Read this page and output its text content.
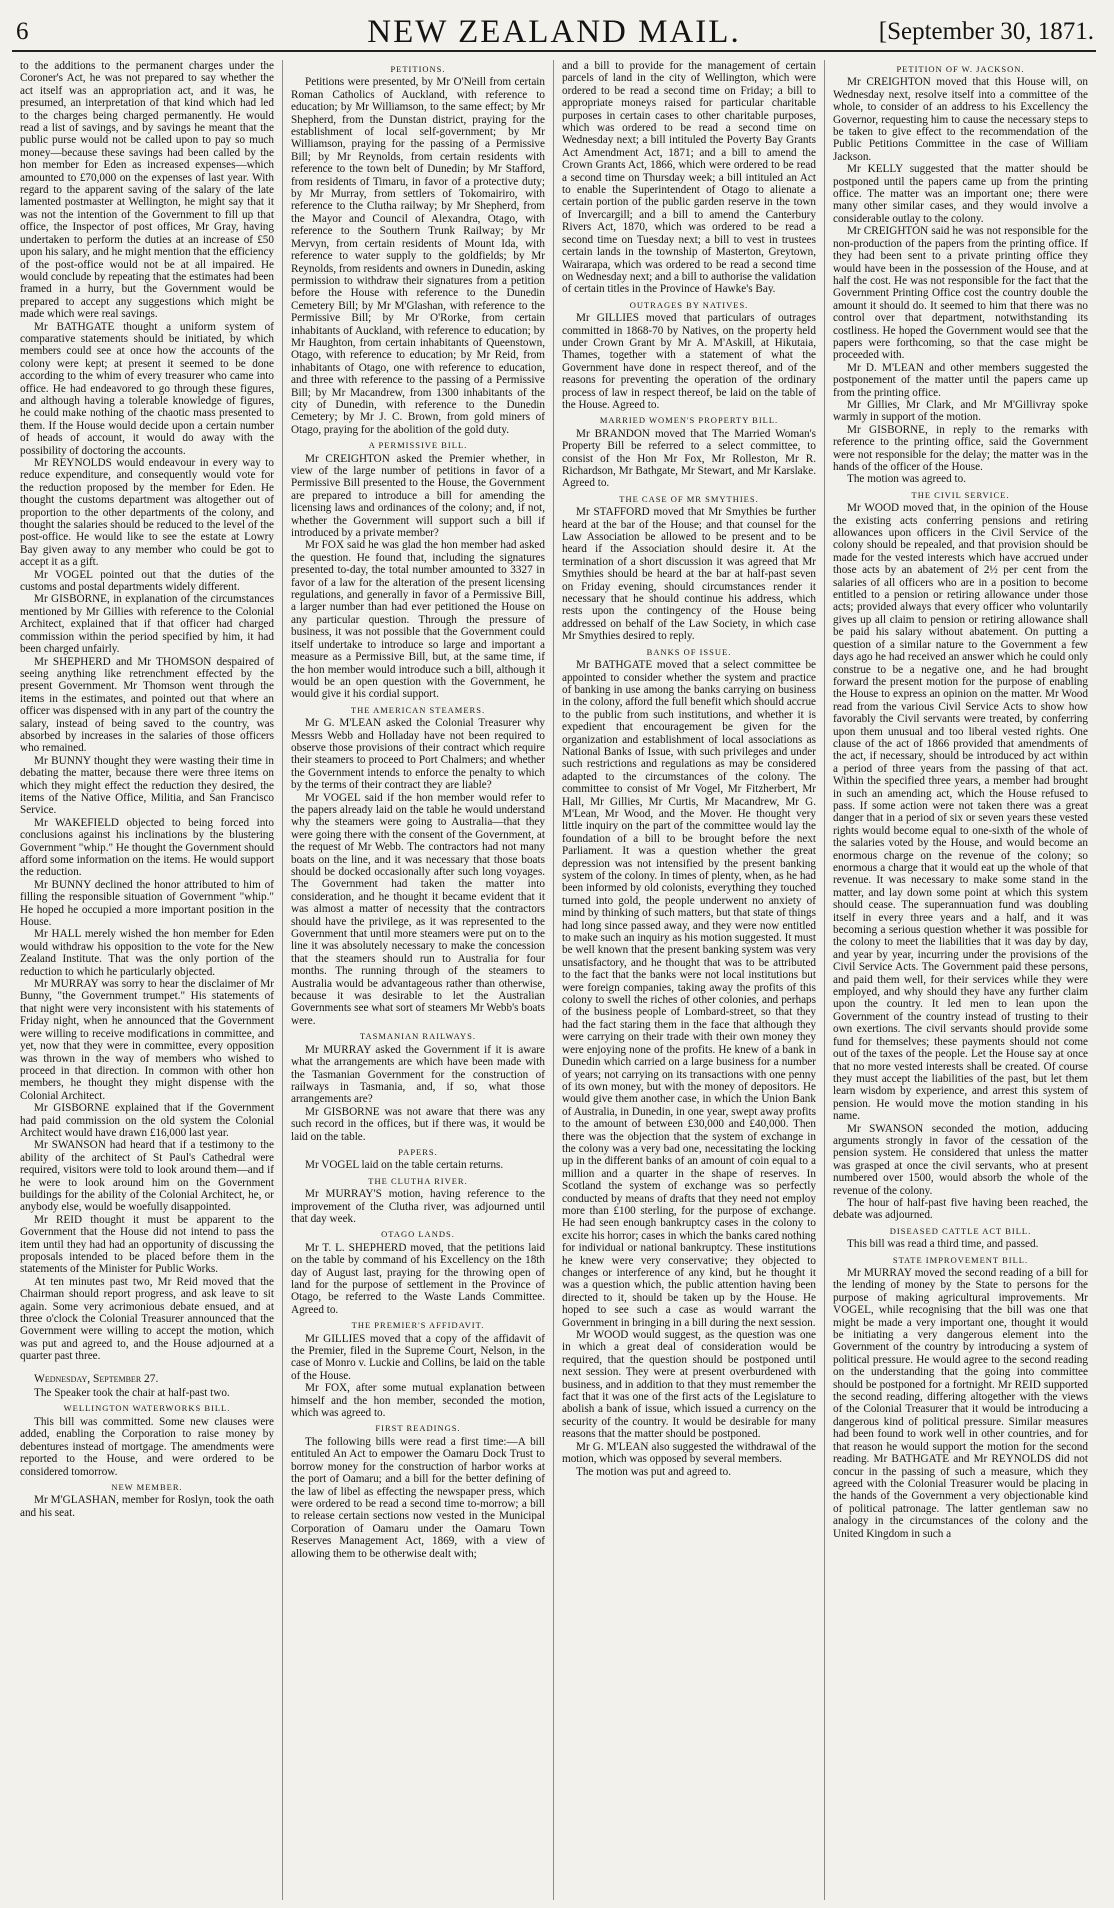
6	NEW ZEALAND MAIL.	[September 30, 1871.

to the additions to the permanent charges under the Coroner's Act, he was not prepared to say whether the act itself was an appropriation act, and it was, he presumed, an interpretation of that kind which had led to the charges being charged permanently. He would read a list of savings, and by savings he meant that the public purse would not be called upon to pay so much money—because these savings had been called by the hon member for Eden as increased expenses—which amounted to £70,000 on the expenses of last year. With regard to the apparent saving of the salary of the late lamented postmaster at Wellington, he might say that it was not the intention of the Government to fill up that office, the Inspector of post offices, Mr Gray, having undertaken to perform the duties at an increase of £50 upon his salary, and he might mention that the efficiency of the post-office would not be at all impaired. He would conclude by repeating that the estimates had been framed in a hurry, but the Government would be prepared to accept any suggestions which might be made which were real savings.

Mr BATHGATE thought a uniform system of comparative statements should be initiated, by which members could see at once how the accounts of the colony were kept; at present it seemed to be done according to the whim of every treasurer who came into office. He had endeavored to go through these figures, and although having a tolerable knowledge of figures, he could make nothing of the chaotic mass presented to them. If the House would decide upon a certain number of heads of account, it would do away with the possibility of doctoring the accounts.

Mr REYNOLDS would endeavour in every way to reduce expenditure, and consequently would vote for the reduction proposed by the member for Eden. He thought the customs department was altogether out of proportion to the other departments of the colony, and thought the salaries should be reduced to the level of the post-office. He would like to see the estate at Lowry Bay given away to any member who could be got to accept it as a gift.

Mr VOGEL pointed out that the duties of the customs and postal departments widely different.

Mr GISBORNE, in explanation of the circumstances mentioned by Mr Gillies with reference to the Colonial Architect, explained that if that officer had charged commission within the period specified by him, it had been charged unfairly.

Mr SHEPHERD and Mr THOMSON despaired of seeing anything like retrenchment effected by the present Government. Mr Thomson went through the items in the estimates, and pointed out that where an officer was dispensed with in any part of the country the salary, instead of being saved to the country, was absorbed by increases in the salaries of those officers who remained.

Mr BUNNY thought they were wasting their time in debating the matter, because there were three items on which they might effect the reduction they desired, the items of the Native Office, Militia, and San Francisco Service.

Mr WAKEFIELD objected to being forced into conclusions against his inclinations by the blustering Government "whip." He thought the Government should afford some information on the items. He would support the reduction.

Mr BUNNY declined the honor attributed to him of filling the responsible situation of Government "whip." He hoped he occupied a more important position in the House.

Mr HALL merely wished the hon member for Eden would withdraw his opposition to the vote for the New Zealand Institute. That was the only portion of the reduction to which he particularly objected.

Mr MURRAY was sorry to hear the disclaimer of Mr Bunny, "the Government trumpet." His statements of that night were very inconsistent with his statements of Friday night, when he announced that the Government were willing to receive modifications in committee, and yet, now that they were in committee, every opposition was thrown in the way of members who wished to proceed in that direction. In common with other hon members, he thought they might dispense with the Colonial Architect.

Mr GISBORNE explained that if the Government had paid commission on the old system the Colonial Architect would have drawn £16,000 last year.

Mr SWANSON had heard that if a testimony to the ability of the architect of St Paul's Cathedral were required, visitors were told to look around them—and if he were to look around him on the Government buildings for the ability of the Colonial Architect, he, or anybody else, would be woefully disappointed.

Mr REID thought it must be apparent to the Government that the House did not intend to pass the item until they had had an opportunity of discussing the proposals intended to be placed before them in the statements of the Minister for Public Works.

At ten minutes past two, Mr Reid moved that the Chairman should report progress, and ask leave to sit again. Some very acrimonious debate ensued, and at three o'clock the Colonial Treasurer announced that the Government were willing to accept the motion, which was put and agreed to, and the House adjourned at a quarter past three.

Wednesday, September 27.

The Speaker took the chair at half-past two.

WELLINGTON WATERWORKS BILL.

This bill was committed. Some new clauses were added, enabling the Corporation to raise money by debentures instead of mortgage. The amendments were reported to the House, and were ordered to be considered tomorrow.

NEW MEMBER.

Mr M'GLASHAN, member for Roslyn, took the oath and his seat.

PETITIONS.

Petitions were presented, by Mr O'Neill from certain Roman Catholics of Auckland, with reference to education; by Mr Williamson, to the same effect; by Mr Shepherd, from the Dunstan district, praying for the establishment of local self-government; by Mr Williamson, praying for the passing of a Permissive Bill; by Mr Reynolds, from certain residents with reference to the town belt of Dunedin; by Mr Stafford, from residents of Timaru, in favor of a protective duty; by Mr Murray, from settlers of Tokomairiro, with reference to the Clutha railway; by Mr Shepherd, from the Mayor and Council of Alexandra, Otago, with reference to the Southern Trunk Railway; by Mr Mervyn, from certain residents of Mount Ida, with reference to water supply to the goldfields; by Mr Reynolds, from residents and owners in Dunedin, asking permission to withdraw their signatures from a petition before the House with reference to the Dunedin Cemetery Bill; by Mr M'Glashan, with reference to the Permissive Bill; by Mr O'Rorke, from certain inhabitants of Auckland, with reference to education; by Mr Haughton, from certain inhabitants of Queenstown, Otago, with reference to education; by Mr Reid, from inhabitants of Otago, one with reference to education, and three with reference to the passing of a Permissive Bill; by Mr Macandrew, from 1300 inhabitants of the city of Dunedin, with reference to the Dunedin Cemetery; by Mr J. C. Brown, from gold miners of Otago, praying for the abolition of the gold duty.

A PERMISSIVE BILL.

Mr CREIGHTON asked the Premier whether, in view of the large number of petitions in favor of a Permissive Bill presented to the House, the Government are prepared to introduce a bill for amending the licensing laws and ordinances of the colony; and, if not, whether the Government will support such a bill if introduced by a private member?

Mr FOX said he was glad the hon member had asked the question. He found that, including the signatures presented to-day, the total number amounted to 3327 in favor of a law for the alteration of the present licensing regulations, and generally in favor of a Permissive Bill, a larger number than had ever petitioned the House on any particular question. Through the pressure of business, it was not possible that the Government could itself undertake to introduce so large and important a measure as a Permissive Bill, but, at the same time, if the hon member would introduce such a bill, although it would be an open question with the Government, he would give it his cordial support.

THE AMERICAN STEAMERS.

Mr G. M'LEAN asked the Colonial Treasurer why Messrs Webb and Holladay have not been required to observe those provisions of their contract which require their steamers to proceed to Port Chalmers; and whether the Government intends to enforce the penalty to which by the terms of their contract they are liable?

Mr VOGEL said if the hon member would refer to the papers already laid on the table he would understand why the steamers were going to Australia—that they were going there with the consent of the Government, at the request of Mr Webb. The contractors had not many boats on the line, and it was necessary that those boats should be docked occasionally after such long voyages. The Government had taken the matter into consideration, and he thought it became evident that it was almost a matter of necessity that the contractors should have the privilege, as it was represented to the Government that until more steamers were put on to the line it was absolutely necessary to make the concession that the steamers should run to Australia for four months. The running through of the steamers to Australia would be advantageous rather than otherwise, because it was desirable to let the Australian Governments see what sort of steamers Mr Webb's boats were.

TASMANIAN RAILWAYS.

Mr MURRAY asked the Government if it is aware what the arrangements are which have been made with the Tasmanian Government for the construction of railways in Tasmania, and, if so, what those arrangements are?

Mr GISBORNE was not aware that there was any such record in the offices, but if there was, it would be laid on the table.

PAPERS.

Mr VOGEL laid on the table certain returns.

THE CLUTHA RIVER.

Mr MURRAY'S motion, having reference to the improvement of the Clutha river, was adjourned until that day week.

OTAGO LANDS.

Mr T. L. SHEPHERD moved, that the petitions laid on the table by command of his Excellency on the 18th day of August last, praying for the throwing open of land for the purpose of settlement in the Province of Otago, be referred to the Waste Lands Committee. Agreed to.

THE PREMIER'S AFFIDAVIT.

Mr GILLIES moved that a copy of the affidavit of the Premier, filed in the Supreme Court, Nelson, in the case of Monro v. Luckie and Collins, be laid on the table of the House.

Mr FOX, after some mutual explanation between himself and the hon member, seconded the motion, which was agreed to.

FIRST READINGS.

The following bills were read a first time:—A bill entituled An Act to empower the Oamaru Dock Trust to borrow money for the construction of harbor works at the port of Oamaru; and a bill for the better defining of the law of libel as effecting the newspaper press, which were ordered to be read a second time to-morrow; a bill to release certain sections now vested in the Municipal Corporation of Oamaru under the Oamaru Town Reserves Management Act, 1869, with a view of allowing them to be otherwise dealt with;

and a bill to provide for the management of certain parcels of land in the city of Wellington, which were ordered to be read a second time on Friday; a bill to appropriate moneys raised for particular charitable purposes in certain cases to other charitable purposes, which was ordered to be read a second time on Wednesday next; a bill intituled the Poverty Bay Grants Act Amendment Act, 1871; and a bill to amend the Crown Grants Act, 1866, which were ordered to be read a second time on Thursday week; a bill intituled an Act to enable the Superintendent of Otago to alienate a certain portion of the public garden reserve in the town of Invercargill; and a bill to amend the Canterbury Rivers Act, 1870, which was ordered to be read a second time on Tuesday next; a bill to vest in trustees certain lands in the township of Masterton, Greytown, Wairarapa, which was ordered to be read a second time on Wednesday next; and a bill to authorise the validation of certain titles in the Province of Hawke's Bay.

OUTRAGES BY NATIVES.

Mr GILLIES moved that particulars of outrages committed in 1868-70 by Natives, on the property held under Crown Grant by Mr A. M'Askill, at Hikutaia, Thames, together with a statement of what the Government have done in respect thereof, and of the reasons for preventing the operation of the ordinary process of law in respect thereof, be laid on the table of the House. Agreed to.

MARRIED WOMEN'S PROPERTY BILL.

Mr BRANDON moved that The Married Woman's Property Bill be referred to a select committee, to consist of the Hon Mr Fox, Mr Rolleston, Mr R. Richardson, Mr Bathgate, Mr Stewart, and Mr Karslake. Agreed to.

THE CASE OF MR SMYTHIES.

Mr STAFFORD moved that Mr Smythies be further heard at the bar of the House; and that counsel for the Law Association be allowed to be present and to be heard if the Association should desire it. At the termination of a short discussion it was agreed that Mr Smythies should be heard at the bar at half-past seven on Friday evening, should circumstances render it necessary that he should continue his address, which rests upon the contingency of the House being addressed on behalf of the Law Society, in which case Mr Smythies desired to reply.

BANKS OF ISSUE.

Mr BATHGATE moved that a select committee be appointed to consider whether the system and practice of banking in use among the banks carrying on business in the colony, afford the full benefit which should accrue to the public from such institutions, and whether it is expedient that encouragement be given for the organization and establishment of local associations as National Banks of Issue, with such privileges and under such restrictions and regulations as may be considered adapted to the circumstances of the colony. The committee to consist of Mr Vogel, Mr Fitzherbert, Mr Hall, Mr Gillies, Mr Curtis, Mr Macandrew, Mr G. M'Lean, Mr Wood, and the Mover. He thought very little inquiry on the part of the committee would lay the foundation of a bill to be brought before the next Parliament. It was a question whether the great depression was not intensified by the present banking system of the colony. In times of plenty, when, as he had been informed by old colonists, everything they touched turned into gold, the people underwent no anxiety of mind by thinking of such matters, but that state of things had long since passed away, and they were now entitled to make such an inquiry as his motion suggested. It must be well known that the present banking system was very unsatisfactory, and he thought that was to be attributed to the fact that the banks were not local institutions but were foreign companies, taking away the profits of this colony to swell the riches of other colonies, and perhaps of the business people of Lombard-street, so that they had the fact staring them in the face that although they were carrying on their trade with their own money they were enjoying none of the profits. He knew of a bank in Dunedin which carried on a large business for a number of years; not carrying on its transactions with one penny of its own money, but with the money of depositors. He would give them another case, in which the Union Bank of Australia, in Dunedin, in one year, swept away profits to the amount of between £30,000 and £40,000. Then there was the objection that the system of exchange in the colony was a very bad one, necessitating the locking up in the different banks of an amount of coin equal to a million and a quarter in the shape of reserves. In Scotland the system of exchange was so perfectly conducted by means of drafts that they need not employ more than £100 sterling, for the purpose of exchange. He had seen enough bankruptcy cases in the colony to excite his horror; cases in which the banks cared nothing for individual or national bankruptcy. These institutions he knew were very conservative; they objected to changes or interference of any kind, but he thought it was a question which, the public attention having been directed to it, should be taken up by the House. He hoped to see such a case as would warrant the Government in bringing in a bill during the next session.

Mr WOOD would suggest, as the question was one in which a great deal of consideration would be required, that the question should be postponed until next session. They were at present overburdened with business, and in addition to that they must remember the fact that it was one of the first acts of the Legislature to abolish a bank of issue, which issued a currency on the security of the country. It would be desirable for many reasons that the matter should be postponed.

Mr G. M'LEAN also suggested the withdrawal of the motion, which was opposed by several members.

The motion was put and agreed to.

PETITION OF W. JACKSON.

Mr CREIGHTON moved that this House will, on Wednesday next, resolve itself into a committee of the whole, to consider of an address to his Excellency the Governor, requesting him to cause the necessary steps to be taken to give effect to the recommendation of the Public Petitions Committee in the case of William Jackson.

Mr KELLY suggested that the matter should be postponed until the papers came up from the printing office. The matter was an important one; there were many other similar cases, and they would involve a considerable outlay to the colony.

Mr CREIGHTON said he was not responsible for the non-production of the papers from the printing office. If they had been sent to a private printing office they would have been in the possession of the House, and at half the cost. He was not responsible for the fact that the Government Printing Office cost the country double the amount it should do. It seemed to him that there was no control over that department, notwithstanding its costliness. He hoped the Government would see that the papers were forthcoming, so that the case might be proceeded with.

Mr D. M'LEAN and other members suggested the postponement of the matter until the papers came up from the printing office.

Mr Gillies, Mr Clark, and Mr M'Gillivray spoke warmly in support of the motion.

Mr GISBORNE, in reply to the remarks with reference to the printing office, said the Government were not responsible for the delay; the matter was in the hands of the officer of the House.

The motion was agreed to.

THE CIVIL SERVICE.

Mr WOOD moved that, in the opinion of the House the existing acts conferring pensions and retiring allowances upon officers in the Civil Service of the colony should be repealed, and that provision should be made for the vested interests which have accrued under those acts by an abatement of 2½ per cent from the salaries of all officers who are in a position to become entitled to a pension or retiring allowance under those acts; provided always that every officer who voluntarily gives up all claim to pension or retiring allowance shall be paid his salary without abatement. On putting a question of a similar nature to the Government a few days ago he had received an answer which he could only construe to be a negative one, and he had brought forward the present motion for the purpose of enabling the House to express an opinion on the matter. Mr Wood read from the various Civil Service Acts to show how favorably the Civil servants were treated, by conferring upon them unusual and too liberal vested rights. One clause of the act of 1866 provided that amendments of the act, if necessary, should be introduced by act within a period of three years from the passing of that act. Within the specified three years, a member had brought in such an amending act, which the House refused to pass. If some action were not taken there was a great danger that in a period of six or seven years these vested rights would become equal to one-sixth of the whole of the salaries voted by the House, and would become an enormous charge on the revenue of the colony; so enormous a charge that it would eat up the whole of that revenue. It was necessary to make some stand in the matter, and lay down some point at which this system should cease. The superannuation fund was doubling itself in every three years and a half, and it was becoming a serious question whether it was possible for the colony to meet the liabilities that it was day by day, and year by year, incurring under the provisions of the Civil Service Acts. The Government paid these persons, and paid them well, for their services while they were employed, and why should they have any further claim upon the country. It led men to lean upon the Government of the country instead of trusting to their own exertions. The civil servants should provide some fund for themselves; these payments should not come out of the taxes of the people. Let the House say at once that no more vested interests shall be created. Of course they must accept the liabilities of the past, but let them learn wisdom by experience, and arrest this system of pension. He would move the motion standing in his name.

Mr SWANSON seconded the motion, adducing arguments strongly in favor of the cessation of the pension system. He considered that unless the matter was grasped at once the civil servants, who at present numbered over 1500, would absorb the whole of the revenue of the colony.

The hour of half-past five having been reached, the debate was adjourned.

DISEASED CATTLE ACT BILL.

This bill was read a third time, and passed.

STATE IMPROVEMENT BILL.

Mr MURRAY moved the second reading of a bill for the lending of money by the State to persons for the purpose of making agricultural improvements. Mr VOGEL, while recognising that the bill was one that might be made a very important one, thought it would be initiating a very dangerous element into the Government of the country by introducing a system of political pressure. He would agree to the second reading on the understanding that the going into committee should be postponed for a fortnight. Mr REID supported the second reading, differing altogether with the views of the Colonial Treasurer that it would be introducing a dangerous kind of political pressure. Similar measures had been found to work well in other countries, and for that reason he would support the motion for the second reading. Mr BATHGATE and Mr REYNOLDS did not concur in the passing of such a measure, which they agreed with the Colonial Treasurer would be placing in the hands of the Government a very objectionable kind of political patronage. The latter gentleman saw no analogy in the circumstances of the colony and the United Kingdom in such a
